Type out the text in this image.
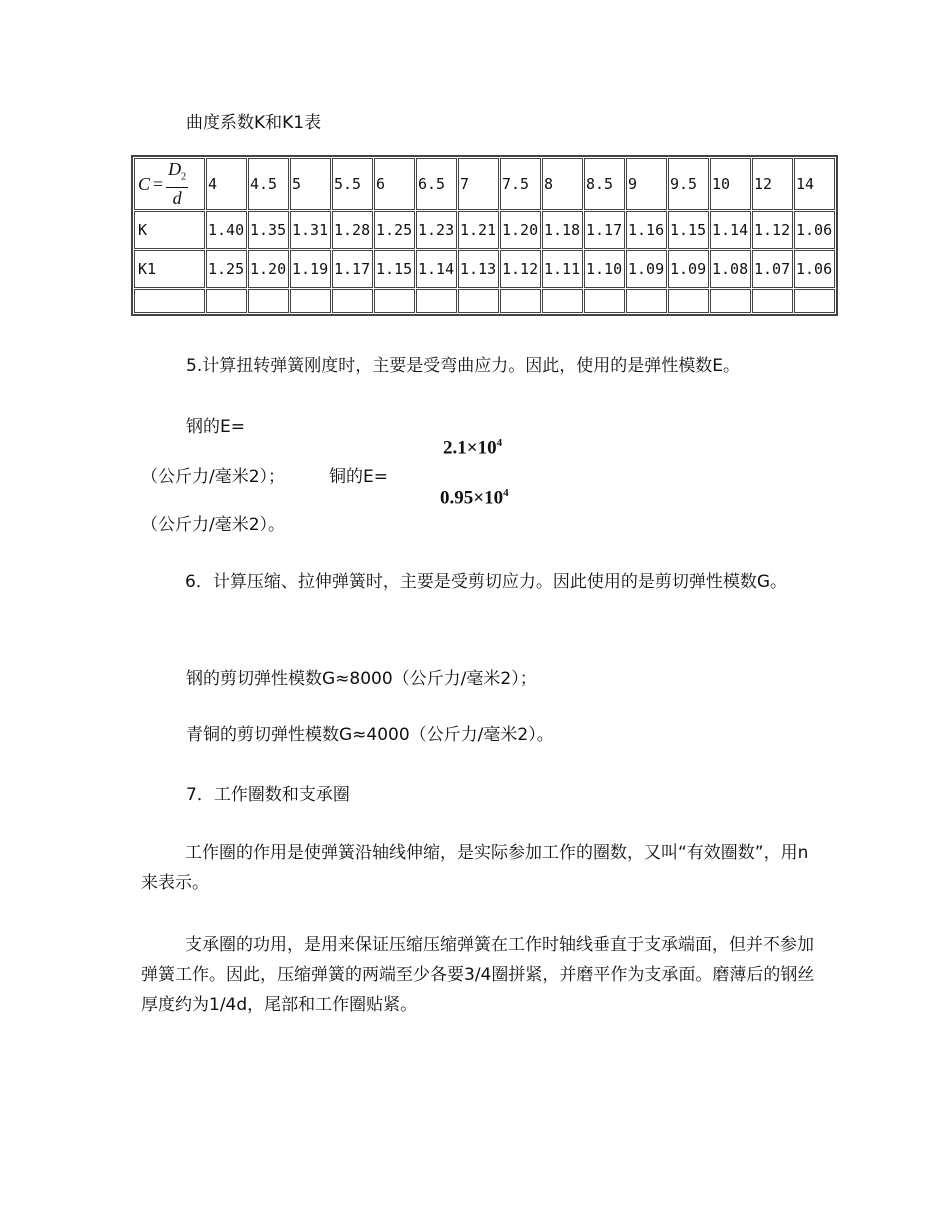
曲度系数K和K1表
$C = \frac{D_2}{d}$	4	4.5	5	5.5	6	6.5	7	7.5	8	8.5	9	9.5	10	12	14
K	1.40	1.35	1.31	1.28	1.25	1.23	1.21	1.20	1.18	1.17	1.16	1.15	1.14	1.12	1.06
K1	1.25	1.20	1.19	1.17	1.15	1.14	1.13	1.12	1.11	1.10	1.09	1.09	1.08	1.07	1.06

5.计算扭转弹簧刚度时，主要是受弯曲应力。因此，使用的是弹性模数E。
钢的E=
（公斤力/毫米2）；	铜的E=
$2.1\times 10^4$
$0.95\times 10^4$
（公斤力/毫米2）。
6．计算压缩、拉伸弹簧时，主要是受剪切应力。因此使用的是剪切弹性模数G。
钢的剪切弹性模数G≈8000（公斤力/毫米2）；
青铜的剪切弹性模数G≈4000（公斤力/毫米2）。
7．工作圈数和支承圈
工作圈的作用是使弹簧沿轴线伸缩，是实际参加工作的圈数，又叫“有效圈数”，用n来表示。
支承圈的功用，是用来保证压缩压缩弹簧在工作时轴线垂直于支承端面，但并不参加弹簧工作。因此，压缩弹簧的两端至少各要3/4圈拼紧，并磨平作为支承面。磨薄后的钢丝厚度约为1/4d，尾部和工作圈贴紧。
